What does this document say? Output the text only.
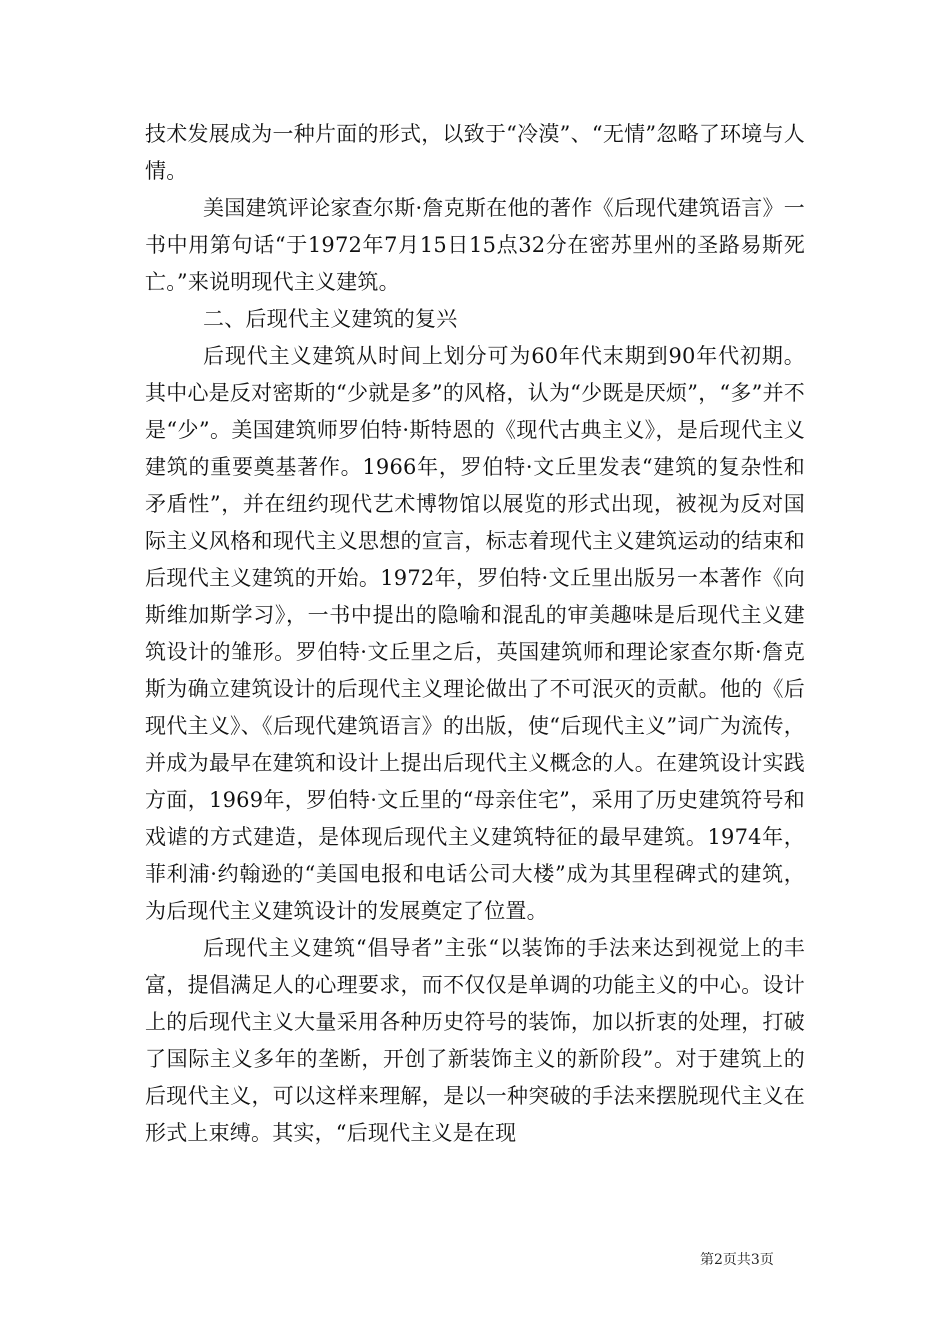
技术发展成为一种片面的形式，以致于“冷漠”、“无情”忽略了环境与人情。

美国建筑评论家查尔斯·詹克斯在他的著作《后现代建筑语言》一书中用第句话“于1972年7月15日15点32分在密苏里州的圣路易斯死亡。”来说明现代主义建筑。

二、后现代主义建筑的复兴

后现代主义建筑从时间上划分可为60年代末期到90年代初期。其中心是反对密斯的“少就是多”的风格，认为“少既是厌烦”，“多”并不是“少”。美国建筑师罗伯特·斯特恩的《现代古典主义》，是后现代主义建筑的重要奠基著作。1966年，罗伯特·文丘里发表“建筑的复杂性和矛盾性”，并在纽约现代艺术博物馆以展览的形式出现，被视为反对国际主义风格和现代主义思想的宣言，标志着现代主义建筑运动的结束和后现代主义建筑的开始。1972年，罗伯特·文丘里出版另一本著作《向斯维加斯学习》，一书中提出的隐喻和混乱的审美趣味是后现代主义建筑设计的雏形。罗伯特·文丘里之后，英国建筑师和理论家查尔斯·詹克斯为确立建筑设计的后现代主义理论做出了不可泯灭的贡献。他的《后现代主义》、《后现代建筑语言》的出版，使“后现代主义”词广为流传，并成为最早在建筑和设计上提出后现代主义概念的人。在建筑设计实践方面，1969年，罗伯特·文丘里的“母亲住宅”，采用了历史建筑符号和戏谑的方式建造，是体现后现代主义建筑特征的最早建筑。1974年，菲利浦·约翰逊的“美国电报和电话公司大楼”成为其里程碑式的建筑，为后现代主义建筑设计的发展奠定了位置。

后现代主义建筑“倡导者”主张“以装饰的手法来达到视觉上的丰富，提倡满足人的心理要求，而不仅仅是单调的功能主义的中心。设计上的后现代主义大量采用各种历史符号的装饰，加以折衷的处理，打破了国际主义多年的垄断，开创了新装饰主义的新阶段”。对于建筑上的后现代主义，可以这样来理解，是以一种突破的手法来摆脱现代主义在形式上束缚。其实，“后现代主义是在现

第2页共3页
